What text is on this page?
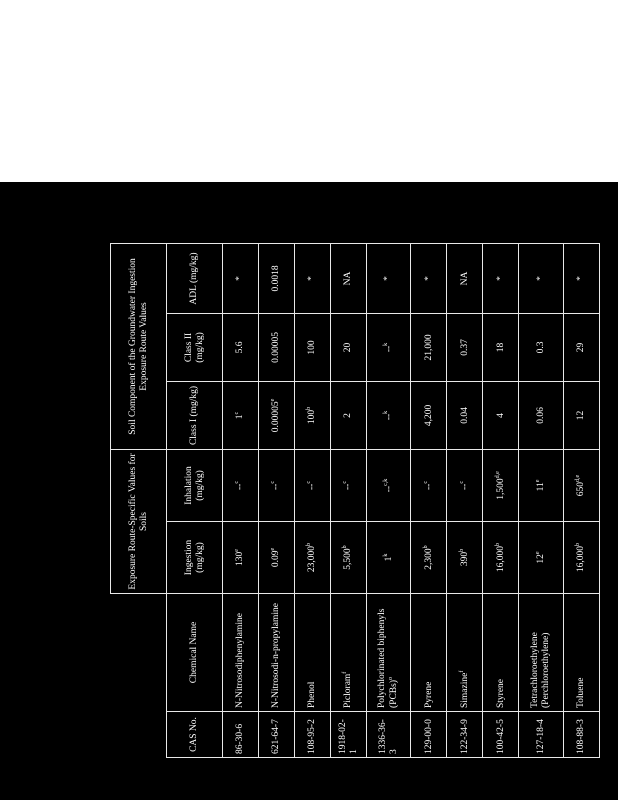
		Exposure Route-Specific Values for Soils		Soil Component of the Groundwater Ingestion Exposure Route Values		
CAS No.	Chemical Name	Ingestion (mg/kg)	Inhalation (mg/kg)	Class I (mg/kg)	Class II (mg/kg)	ADL (mg/kg)
86-30-6	N-Nitrosodiphenylamine	130e	--$^c$	1$^c$	5.6	*
621-64-7	N-Nitrosodi-n-propylamine	0.09e	--$^c$	0.00005e	0.00005	0.0018
108-95-2	Phenol	23,000$^b$	--$^c$	100$^b$	100	*
1918-02-1	Picloram$^f$	5,500$^b$	--$^c$	2	20	NA
1336-36-3	Polychlorinated biphenyls (PCBs)$^o$	1$^k$	--$^{c,k}$	--$^k$	--$^k$	*
129-00-0	Pyrene	2,300$^b$	--$^c$	4,200	21,000	*
122-34-9	Simazine$^f$	390$^b$	--$^c$	0.04	0.37	NA
100-42-5	Styrene	16,000$^b$	1,500$^{d,e}$	4	18	*
127-18-4	Tetrachloroethylene (Perchloroethylene)	12e	11e	0.06	0.3	*
108-88-3	Toluene	16,000$^b$	650$^{d,e}$	12	29	*
